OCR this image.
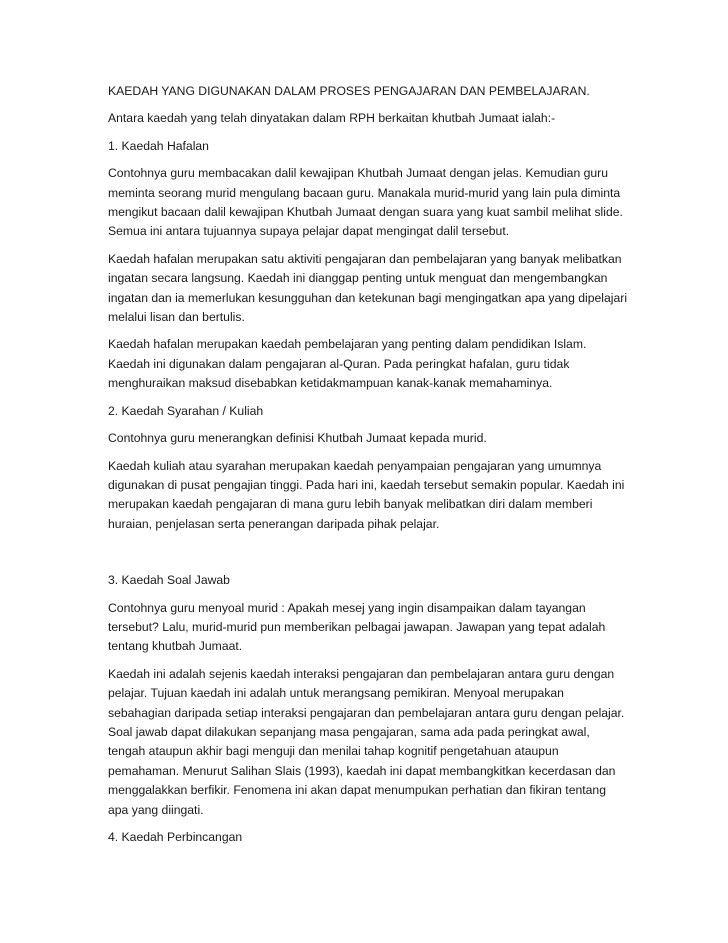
KAEDAH YANG DIGUNAKAN DALAM PROSES PENGAJARAN DAN PEMBELAJARAN.

Antara kaedah yang telah dinyatakan dalam RPH berkaitan khutbah Jumaat ialah:-

1. Kaedah Hafalan

Contohnya guru membacakan dalil kewajipan Khutbah Jumaat dengan jelas. Kemudian guru meminta seorang murid mengulang bacaan guru. Manakala murid-murid yang lain pula diminta mengikut bacaan dalil kewajipan Khutbah Jumaat dengan suara yang kuat sambil melihat slide. Semua ini antara tujuannya supaya pelajar dapat mengingat dalil tersebut.

Kaedah hafalan merupakan satu aktiviti pengajaran dan pembelajaran yang banyak melibatkan ingatan secara langsung. Kaedah ini dianggap penting untuk menguat dan mengembangkan ingatan dan ia memerlukan kesungguhan dan ketekunan bagi mengingatkan apa yang dipelajari melalui lisan dan bertulis.

Kaedah hafalan merupakan kaedah pembelajaran yang penting dalam pendidikan Islam. Kaedah ini digunakan dalam pengajaran al-Quran. Pada peringkat hafalan, guru tidak menghuraikan maksud disebabkan ketidakmampuan kanak-kanak memahaminya.

2. Kaedah Syarahan / Kuliah

Contohnya guru menerangkan definisi Khutbah Jumaat kepada murid.

Kaedah kuliah atau syarahan merupakan kaedah penyampaian pengajaran yang umumnya digunakan di pusat pengajian tinggi. Pada hari ini, kaedah tersebut semakin popular. Kaedah ini merupakan kaedah pengajaran di mana guru lebih banyak melibatkan diri dalam memberi huraian, penjelasan serta penerangan daripada pihak pelajar.

3. Kaedah Soal Jawab

Contohnya guru menyoal murid : Apakah mesej yang ingin disampaikan dalam tayangan tersebut? Lalu, murid-murid pun memberikan pelbagai jawapan. Jawapan yang tepat adalah tentang khutbah Jumaat.

Kaedah ini adalah sejenis kaedah interaksi pengajaran dan pembelajaran antara guru dengan pelajar. Tujuan kaedah ini adalah untuk merangsang pemikiran. Menyoal merupakan sebahagian daripada setiap interaksi pengajaran dan pembelajaran antara guru dengan pelajar. Soal jawab dapat dilakukan sepanjang masa pengajaran, sama ada pada peringkat awal, tengah ataupun akhir bagi menguji dan menilai tahap kognitif pengetahuan ataupun pemahaman. Menurut Salihan Slais (1993), kaedah ini dapat membangkitkan kecerdasan dan menggalakkan berfikir. Fenomena ini akan dapat menumpukan perhatian dan fikiran tentang apa yang diingati.

4. Kaedah Perbincangan
